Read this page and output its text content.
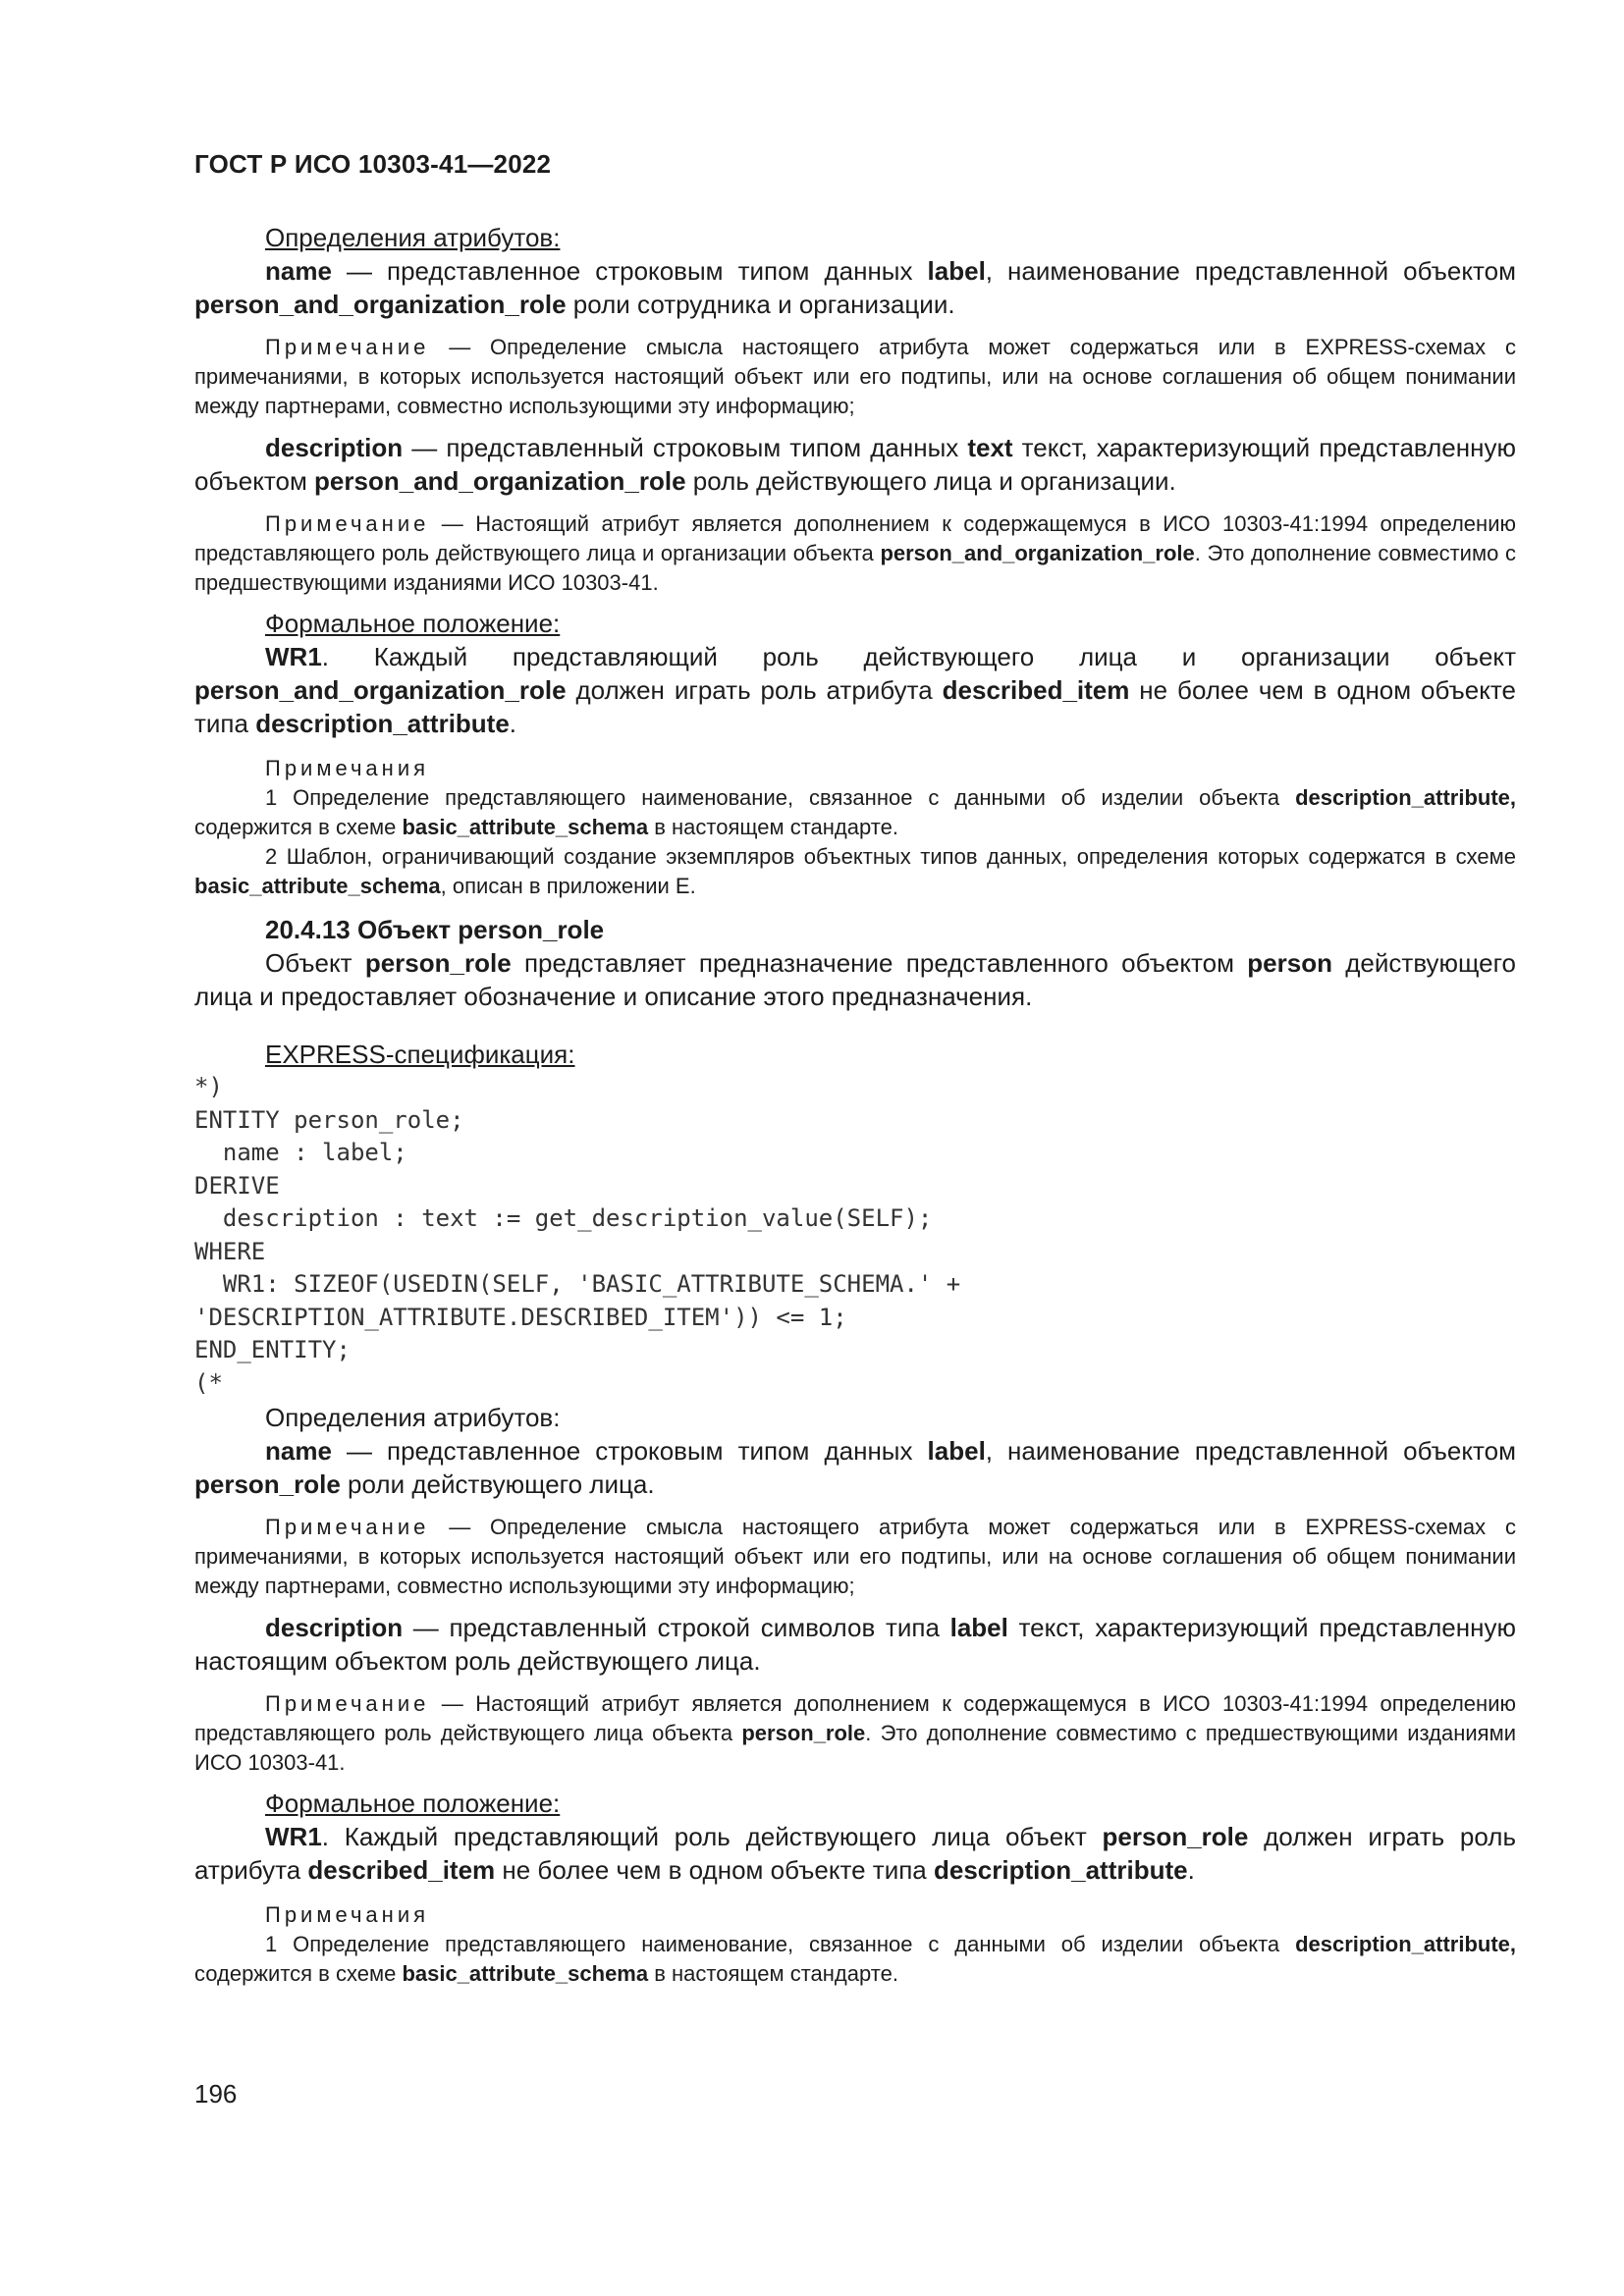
ГОСТ Р ИСО 10303-41—2022
Определения атрибутов:

name — представленное строковым типом данных label, наименование представленной объектом person_and_organization_role роли сотрудника и организации.

Примечание — Определение смысла настоящего атрибута может содержаться или в EXPRESS-схемах с примечаниями, в которых используется настоящий объект или его подтипы, или на основе соглашения об общем понимании между партнерами, совместно использующими эту информацию;

description — представленный строковым типом данных text текст, характеризующий представленную объектом person_and_organization_role роль действующего лица и организации.

Примечание — Настоящий атрибут является дополнением к содержащемуся в ИСО 10303-41:1994 определению представляющего роль действующего лица и организации объекта person_and_organization_role. Это дополнение совместимо с предшествующими изданиями ИСО 10303-41.

Формальное положение:

WR1. Каждый представляющий роль действующего лица и организации объект person_and_organization_role должен играть роль атрибута described_item не более чем в одном объекте типа description_attribute.

Примечания

1 Определение представляющего наименование, связанное с данными об изделии объекта description_attribute, содержится в схеме basic_attribute_schema в настоящем стандарте.

2 Шаблон, ограничивающий создание экземпляров объектных типов данных, определения которых содержатся в схеме basic_attribute_schema, описан в приложении Е.

20.4.13 Объект person_role

Объект person_role представляет предназначение представленного объектом person действующего лица и предоставляет обозначение и описание этого предназначения.

EXPRESS-спецификация:
*)
ENTITY person_role;
name : label;
DERIVE
description : text := get_description_value(SELF);
WHERE
WR1: SIZEOF(USEDIN(SELF, 'BASIC_ATTRIBUTE_SCHEMA.' +
'DESCRIPTION_ATTRIBUTE.DESCRIBED_ITEM')) <= 1;
END_ENTITY;
(*
Определения атрибутов:

name — представленное строковым типом данных label, наименование представленной объектом person_role роли действующего лица.

Примечание — Определение смысла настоящего атрибута может содержаться или в EXPRESS-схемах с примечаниями, в которых используется настоящий объект или его подтипы, или на основе соглашения об общем понимании между партнерами, совместно использующими эту информацию;

description — представленный строкой символов типа label текст, характеризующий представленную настоящим объектом роль действующего лица.

Примечание — Настоящий атрибут является дополнением к содержащемуся в ИСО 10303-41:1994 определению представляющего роль действующего лица объекта person_role. Это дополнение совместимо с предшествующими изданиями ИСО 10303-41.

Формальное положение:

WR1. Каждый представляющий роль действующего лица объект person_role должен играть роль атрибута described_item не более чем в одном объекте типа description_attribute.

Примечания

1 Определение представляющего наименование, связанное с данными об изделии объекта description_attribute, содержится в схеме basic_attribute_schema в настоящем стандарте.

196
